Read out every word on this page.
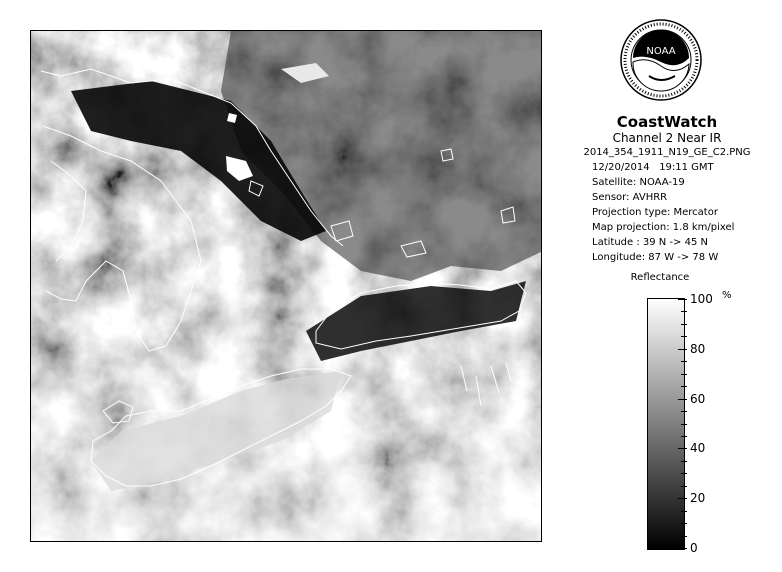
NOAA
CoastWatch
Channel 2 Near IR
2014_354_1911_N19_GE_C2.PNG
12/20/2014 19:11 GMT
Satellite: NOAA-19
Sensor: AVHRR
Projection type: Mercator
Map projection: 1.8 km/pixel
Latitude : 39 N -> 45 N
Longitude: 87 W -> 78 W
Reflectance
%
100
80
60
40
20
0
